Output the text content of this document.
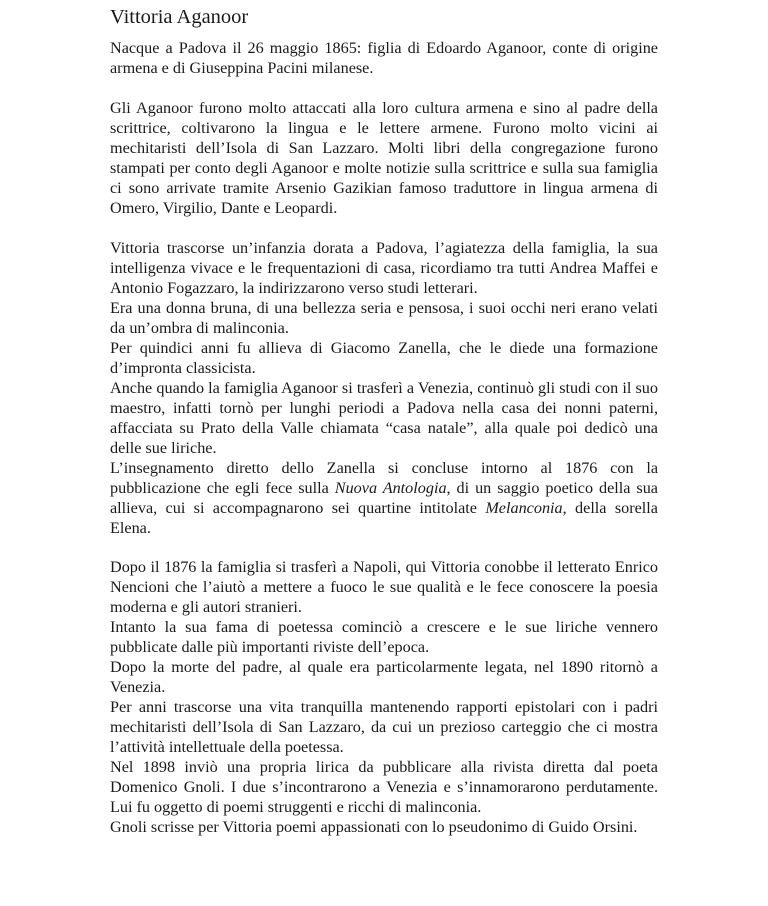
Vittoria Aganoor

Nacque a Padova il 26 maggio 1865: figlia di Edoardo Aganoor, conte di origine armena e di Giuseppina Pacini milanese.

Gli Aganoor furono molto attaccati alla loro cultura armena e sino al padre della scrittrice, coltivarono la lingua e le lettere armene. Furono molto vicini ai mechitaristi dell’Isola di San Lazzaro. Molti libri della congregazione furono stampati per conto degli Aganoor e molte notizie sulla scrittrice e sulla sua famiglia ci sono arrivate tramite Arsenio Gazikian famoso traduttore in lingua armena di Omero, Virgilio, Dante e Leopardi.

Vittoria trascorse un’infanzia dorata a Padova, l’agiatezza della famiglia, la sua intelligenza vivace e le frequentazioni di casa, ricordiamo tra tutti Andrea Maffei e Antonio Fogazzaro, la indirizzarono verso studi letterari.

Era una donna bruna, di una bellezza seria e pensosa, i suoi occhi neri erano velati da un’ombra di malinconia.

Per quindici anni fu allieva di Giacomo Zanella, che le diede una formazione d’impronta classicista.

Anche quando la famiglia Aganoor si trasferì a Venezia, continuò gli studi con il suo maestro, infatti tornò per lunghi periodi a Padova nella casa dei nonni paterni, affacciata su Prato della Valle chiamata “casa natale”, alla quale poi dedicò una delle sue liriche.

L’insegnamento diretto dello Zanella si concluse intorno al 1876 con la pubblicazione che egli fece sulla Nuova Antologia, di un saggio poetico della sua allieva, cui si accompagnarono sei quartine intitolate Melanconia, della sorella Elena.

Dopo il 1876 la famiglia si trasferì a Napoli, qui Vittoria conobbe il letterato Enrico Nencioni che l’aiutò a mettere a fuoco le sue qualità e le fece conoscere la poesia moderna e gli autori stranieri.

Intanto la sua fama di poetessa cominciò a crescere e le sue liriche vennero pubblicate dalle più importanti riviste dell’epoca.

Dopo la morte del padre, al quale era particolarmente legata, nel 1890 ritornò a Venezia.

Per anni trascorse una vita tranquilla mantenendo rapporti epistolari con i padri mechitaristi dell’Isola di San Lazzaro, da cui un prezioso carteggio che ci mostra l’attività intellettuale della poetessa.

Nel 1898 inviò una propria lirica da pubblicare alla rivista diretta dal poeta Domenico Gnoli. I due s’incontrarono a Venezia e s’innamorarono perdutamente. Lui fu oggetto di poemi struggenti e ricchi di malinconia.

Gnoli scrisse per Vittoria poemi appassionati con lo pseudonimo di Guido Orsini.
